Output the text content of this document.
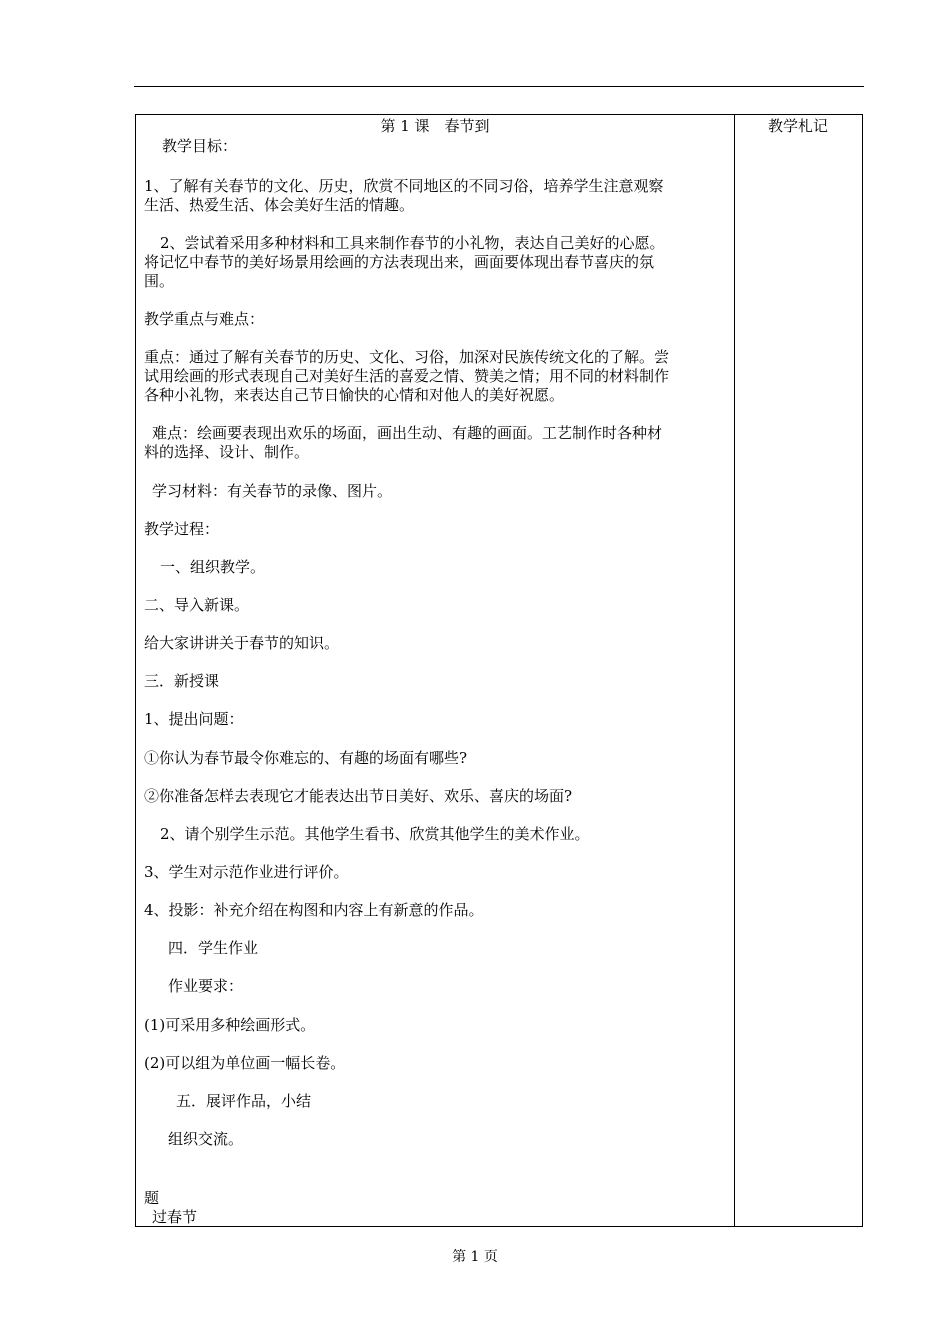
第 1 课　春节到	教学札记
教学目标：
1、了解有关春节的文化、历史，欣赏不同地区的不同习俗，培养学生注意观察
生活、热爱生活、体会美好生活的情趣。
2、尝试着采用多种材料和工具来制作春节的小礼物，表达自己美好的心愿。
将记忆中春节的美好场景用绘画的方法表现出来，画面要体现出春节喜庆的氛
围。
教学重点与难点：
重点：通过了解有关春节的历史、文化、习俗，加深对民族传统文化的了解。尝
试用绘画的形式表现自己对美好生活的喜爱之情、赞美之情；用不同的材料制作
各种小礼物，来表达自己节日愉快的心情和对他人的美好祝愿。
难点：绘画要表现出欢乐的场面，画出生动、有趣的画面。工艺制作时各种材
料的选择、设计、制作。
学习材料：有关春节的录像、图片。
教学过程：
一、组织教学。
二、导入新课。
给大家讲讲关于春节的知识。
三．新授课
1、提出问题：
①你认为春节最令你难忘的、有趣的场面有哪些?
②你准备怎样去表现它才能表达出节日美好、欢乐、喜庆的场面?
2、请个别学生示范。其他学生看书、欣赏其他学生的美术作业。
3、学生对示范作业进行评价。
4、投影：补充介绍在构图和内容上有新意的作品。
四．学生作业
作业要求：
(1)可采用多种绘画形式。
(2)可以组为单位画一幅长卷。
五．展评作品，小结
组织交流。
题
过春节
第 1 页
